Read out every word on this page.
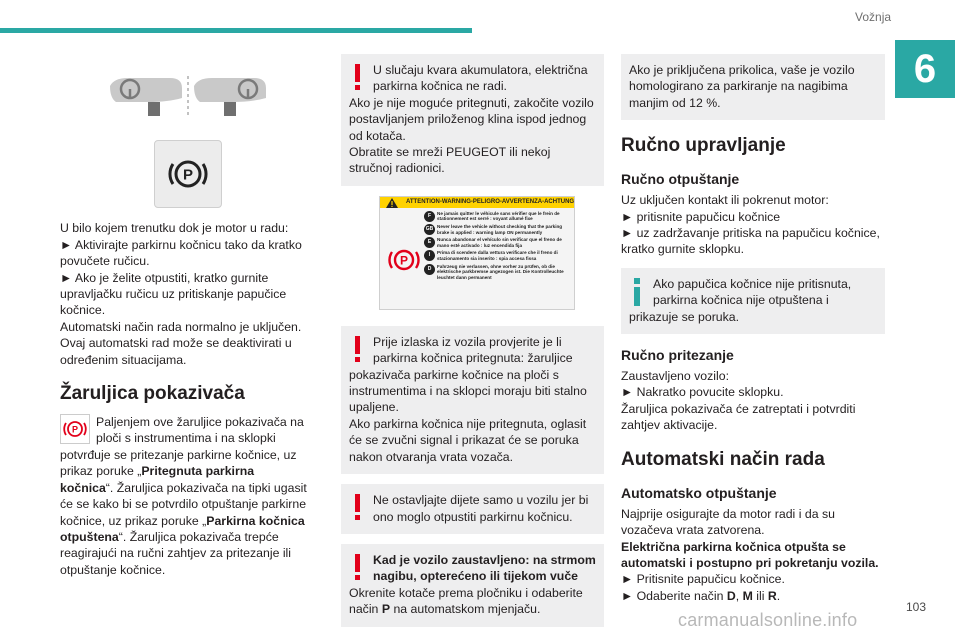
Vožnja
6
P

U bilo kojem trenutku dok je motor u radu:

► Aktivirajte parkirnu kočnicu tako da kratko povučete ručicu.

► Ako je želite otpustiti, kratko gurnite upravljačku ručicu uz pritiskanje papučice kočnice.

Automatski način rada normalno je uključen. Ovaj automatski rad može se deaktivirati u određenim situacijama.

Žaruljica pokazivača
P

Paljenjem ove žaruljice pokazivača na ploči s instrumentima i na sklopki potvrđuje se pritezanje parkirne kočnice, uz prikaz poruke „Pritegnuta parkirna kočnica“. Žaruljica pokazivača na tipki ugasit će se kako bi se potvrdilo otpuštanje parkirne kočnice, uz prikaz poruke „Parkirna kočnica otpuštena“. Žaruljica pokazivača trepće reagirajući na ručni zahtjev za pritezanje ili otpuštanje kočnice.

U slučaju kvara akumulatora, električna parkirna kočnica ne radi.

Ako je nije moguće pritegnuti, zakočite vozilo postavljanjem priloženog klina ispod jednog od kotača.

Obratite se mreži PEUGEOT ili nekoj stručnoj radionici.

ATTENTION-WARNING-PELIGRO-AVVERTENZA-ACHTUNG
P
F	Ne jamais quitter le véhicule sans vérifier que le frein de stationnement est serré : voyant allumé fixe
GB Never leave the vehicle without checking that the parking brake is applied : warning lamp ON permanently
E	Nunca abandonar el vehículo sin verificar que el freno de mano esté activado : luz encendida fija
I	Prima di scendere dalla vettura verificare che il freno di stazionamento sia inserito : spia accesa fissa
D	Fahrzeug nie verlassen, ohne vorher zu prüfen, ob die elektrische parkbremse angezogen ist. Die Kontrolleuchte leuchtet dann permanent

Prije izlaska iz vozila provjerite je li parkirna kočnica pritegnuta: žaruljice pokazivača parkirne kočnice na ploči s instrumentima i na sklopci moraju biti stalno upaljene.

Ako parkirna kočnica nije pritegnuta, oglasit će se zvučni signal i prikazat će se poruka nakon otvaranja vrata vozača.

Ne ostavljajte dijete samo u vozilu jer bi ono moglo otpustiti parkirnu kočnicu.

Kad je vozilo zaustavljeno: na strmom nagibu, opterećeno ili tijekom vuče

Okrenite kotače prema pločniku i odaberite način P na automatskom mjenjaču.

Ako je priključena prikolica, vaše je vozilo homologirano za parkiranje na nagibima manjim od 12 %.

Ručno upravljanje
Ručno otpuštanje

Uz uključen kontakt ili pokrenut motor:

► pritisnite papučicu kočnice

► uz zadržavanje pritiska na papučicu kočnice, kratko gurnite sklopku.

Ako papučica kočnice nije pritisnuta, parkirna kočnica nije otpuštena i prikazuje se poruka.

Ručno pritezanje

Zaustavljeno vozilo:

► Nakratko povucite sklopku.

Žaruljica pokazivača će zatreptati i potvrditi zahtjev aktivacije.

Automatski način rada
Automatsko otpuštanje

Najprije osigurajte da motor radi i da su vozačeva vrata zatvorena.

Električna parkirna kočnica otpušta se automatski i postupno pri pokretanju vozila.

► Pritisnite papučicu kočnice.

► Odaberite način D, M ili R.

103
carmanualsonline.info
